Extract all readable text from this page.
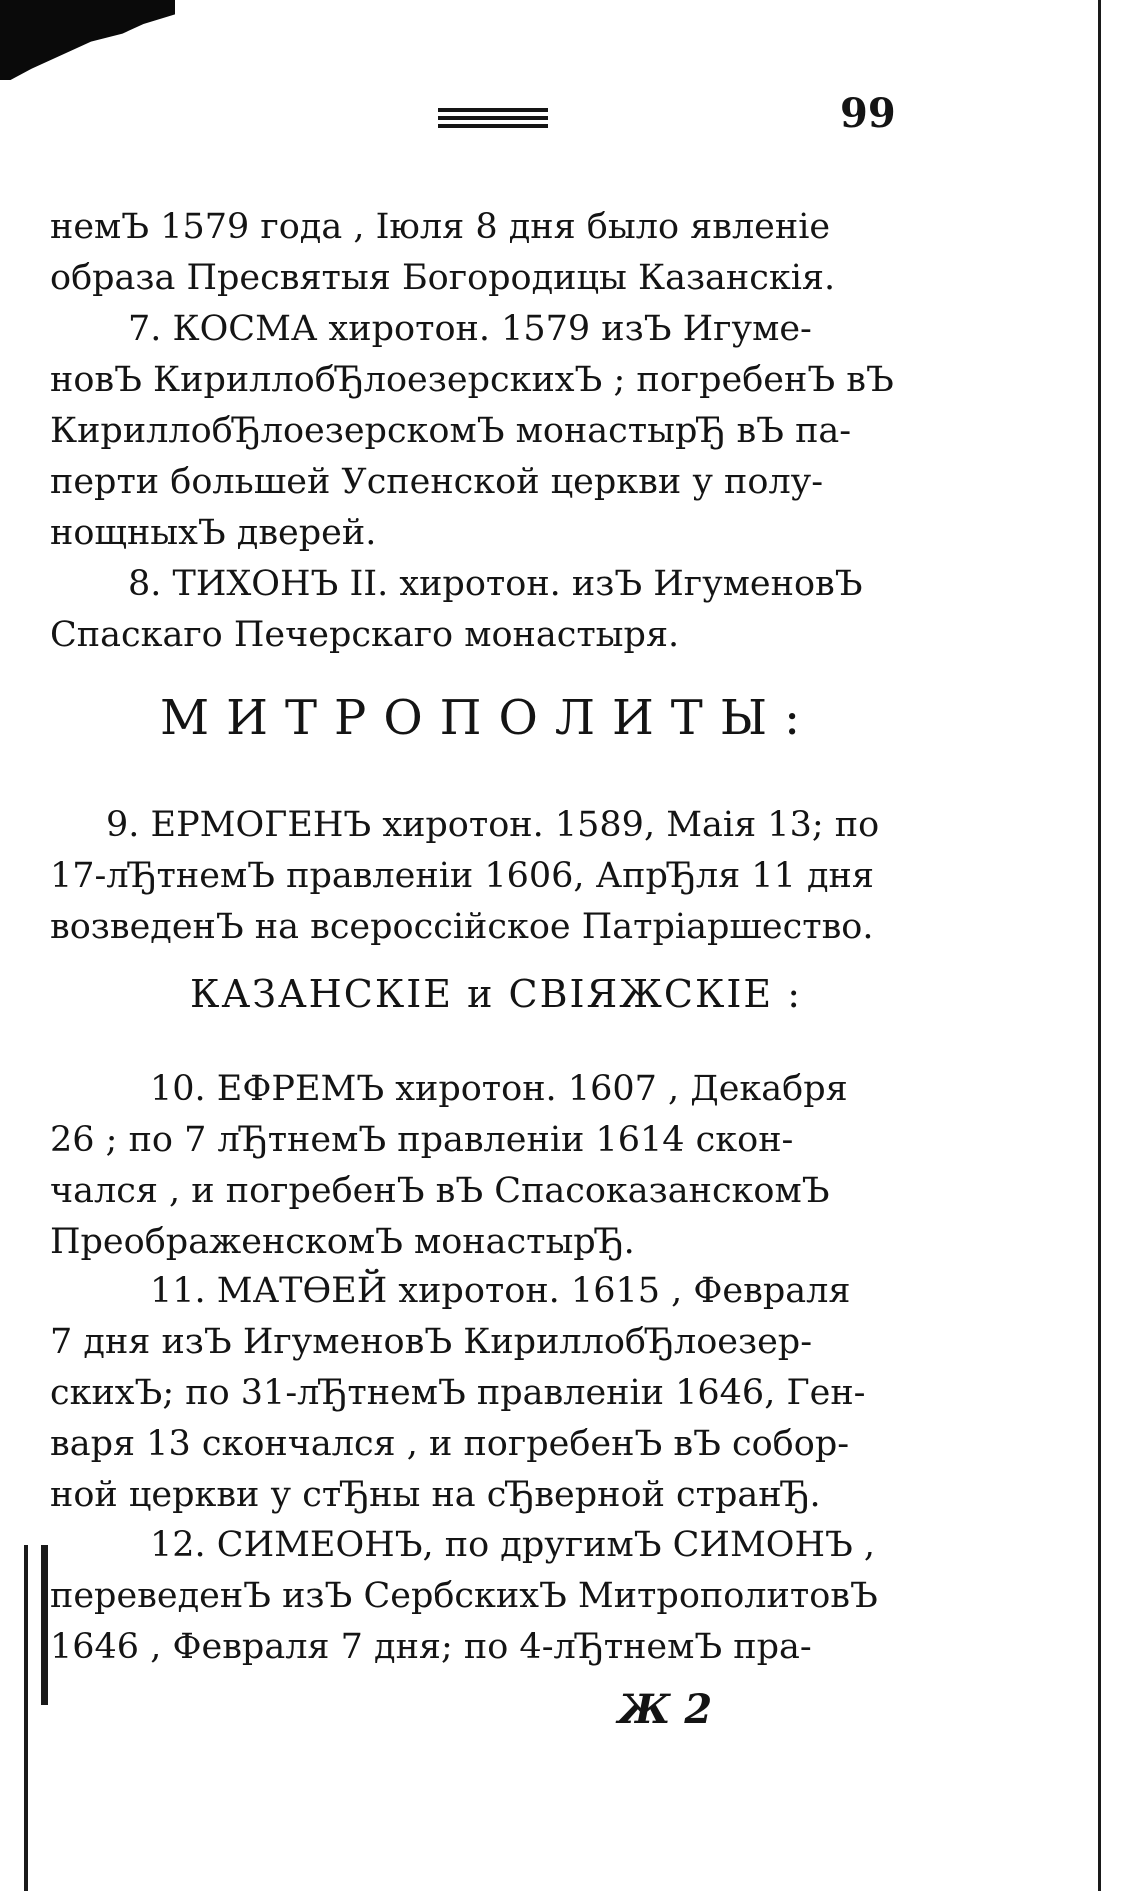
99
немЪ 1579 года , Іюля 8 дня было явленіе
образа Пресвятыя Богородицы Казанскія.
7. КОСМА хиротон. 1579 изЪ Игуме-
новЪ КириллобЂлоезерскихЪ ; погребенЪ вЪ
КириллобЂлоезерскомЪ монастырЂ вЪ па-
перти большей Успенской церкви у полу-
нощныхЪ дверей.
8. ТИХОНЪ II. хиротон. изЪ ИгуменовЪ
Спаскаго Печерскаго монастыря.
МИТРОПОЛИТЫ:
9. ЕРМОГЕНЪ хиротон. 1589, Маія 13; по
17-лЂтнемЪ правленіи 1606, АпрЂля 11 дня
возведенЪ на всероссійское Патріаршество.
КАЗАНСКІЕ и СВІЯЖСКІЕ :
10. ЕФРЕМЪ хиротон. 1607 , Декабря
26 ; по 7 лЂтнемЪ правленіи 1614 скон-
чался , и погребенЪ вЪ СпасоказанскомЪ
ПреображенскомЪ монастырЂ.
11. МАТѲЕЙ хиротон. 1615 , Февраля
7 дня изЪ ИгуменовЪ КириллобЂлоезер-
скихЪ; по 31-лЂтнемЪ правленіи 1646, Ген-
варя 13 скончался , и погребенЪ вЪ собор-
ной церкви у стЂны на сЂверной странЂ.
12. СИМЕОНЪ, по другимЪ СИМОНЪ ,
переведенЪ изЪ СербскихЪ МитрополитовЪ
1646 , Февраля 7 дня; по 4-лЂтнемЪ пра-
Ж 2
